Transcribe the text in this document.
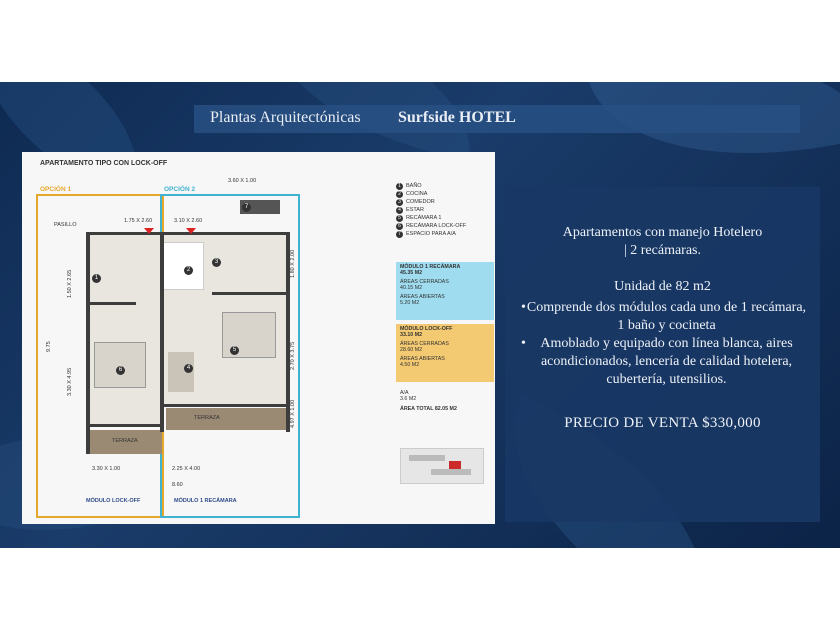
Plantas Arquitectónicas Surfside HOTEL
APARTAMENTO TIPO CON LOCK-OFF
OPCIÓN 1	OPCIÓN 2
1
2
3
4
5
6
7
3.60 X 1.00
1.75 X 2.60	3.10 X 2.60
PASILLO
1.50 X 2.65
9.75
3.30 X 4.95
1.80 X 2.00
2.70 X 3.75
4.97 X 1.00
TERRAZA
TERRAZA
3.30 X 1.00	2.25 X 4.00
8.60
MÓDULO LOCK-OFF	MÓDULO 1 RECÁMARA
1 BAÑO
2 COCINA
3 COMEDOR
4 ESTAR
5 RECÁMARA 1
6 RECÁMARA LOCK-OFF
7 ESPACIO PARA A/A
MÓDULO 1 RECÁMARA
45.35 M2
ÁREAS CERRADAS
40.15 M2
ÁREAS ABIERTAS
5.20 M2
MÓDULO LOCK-OFF
33.10 M2
ÁREAS CERRADAS
28.60 M2
ÁREAS ABIERTAS
4.50 M2
A/A
3.6 M2
ÁREA TOTAL 82.05 M2
Apartamentos con manejo Hotelero
| 2 recámaras.
Unidad de 82 m2
• Comprende dos módulos cada uno de 1 recámara, 1 baño y cocineta
• Amoblado y equipado con línea blanca, aires acondicionados, lencería de calidad hotelera, cubertería, utensilios.
PRECIO DE VENTA $330,000
